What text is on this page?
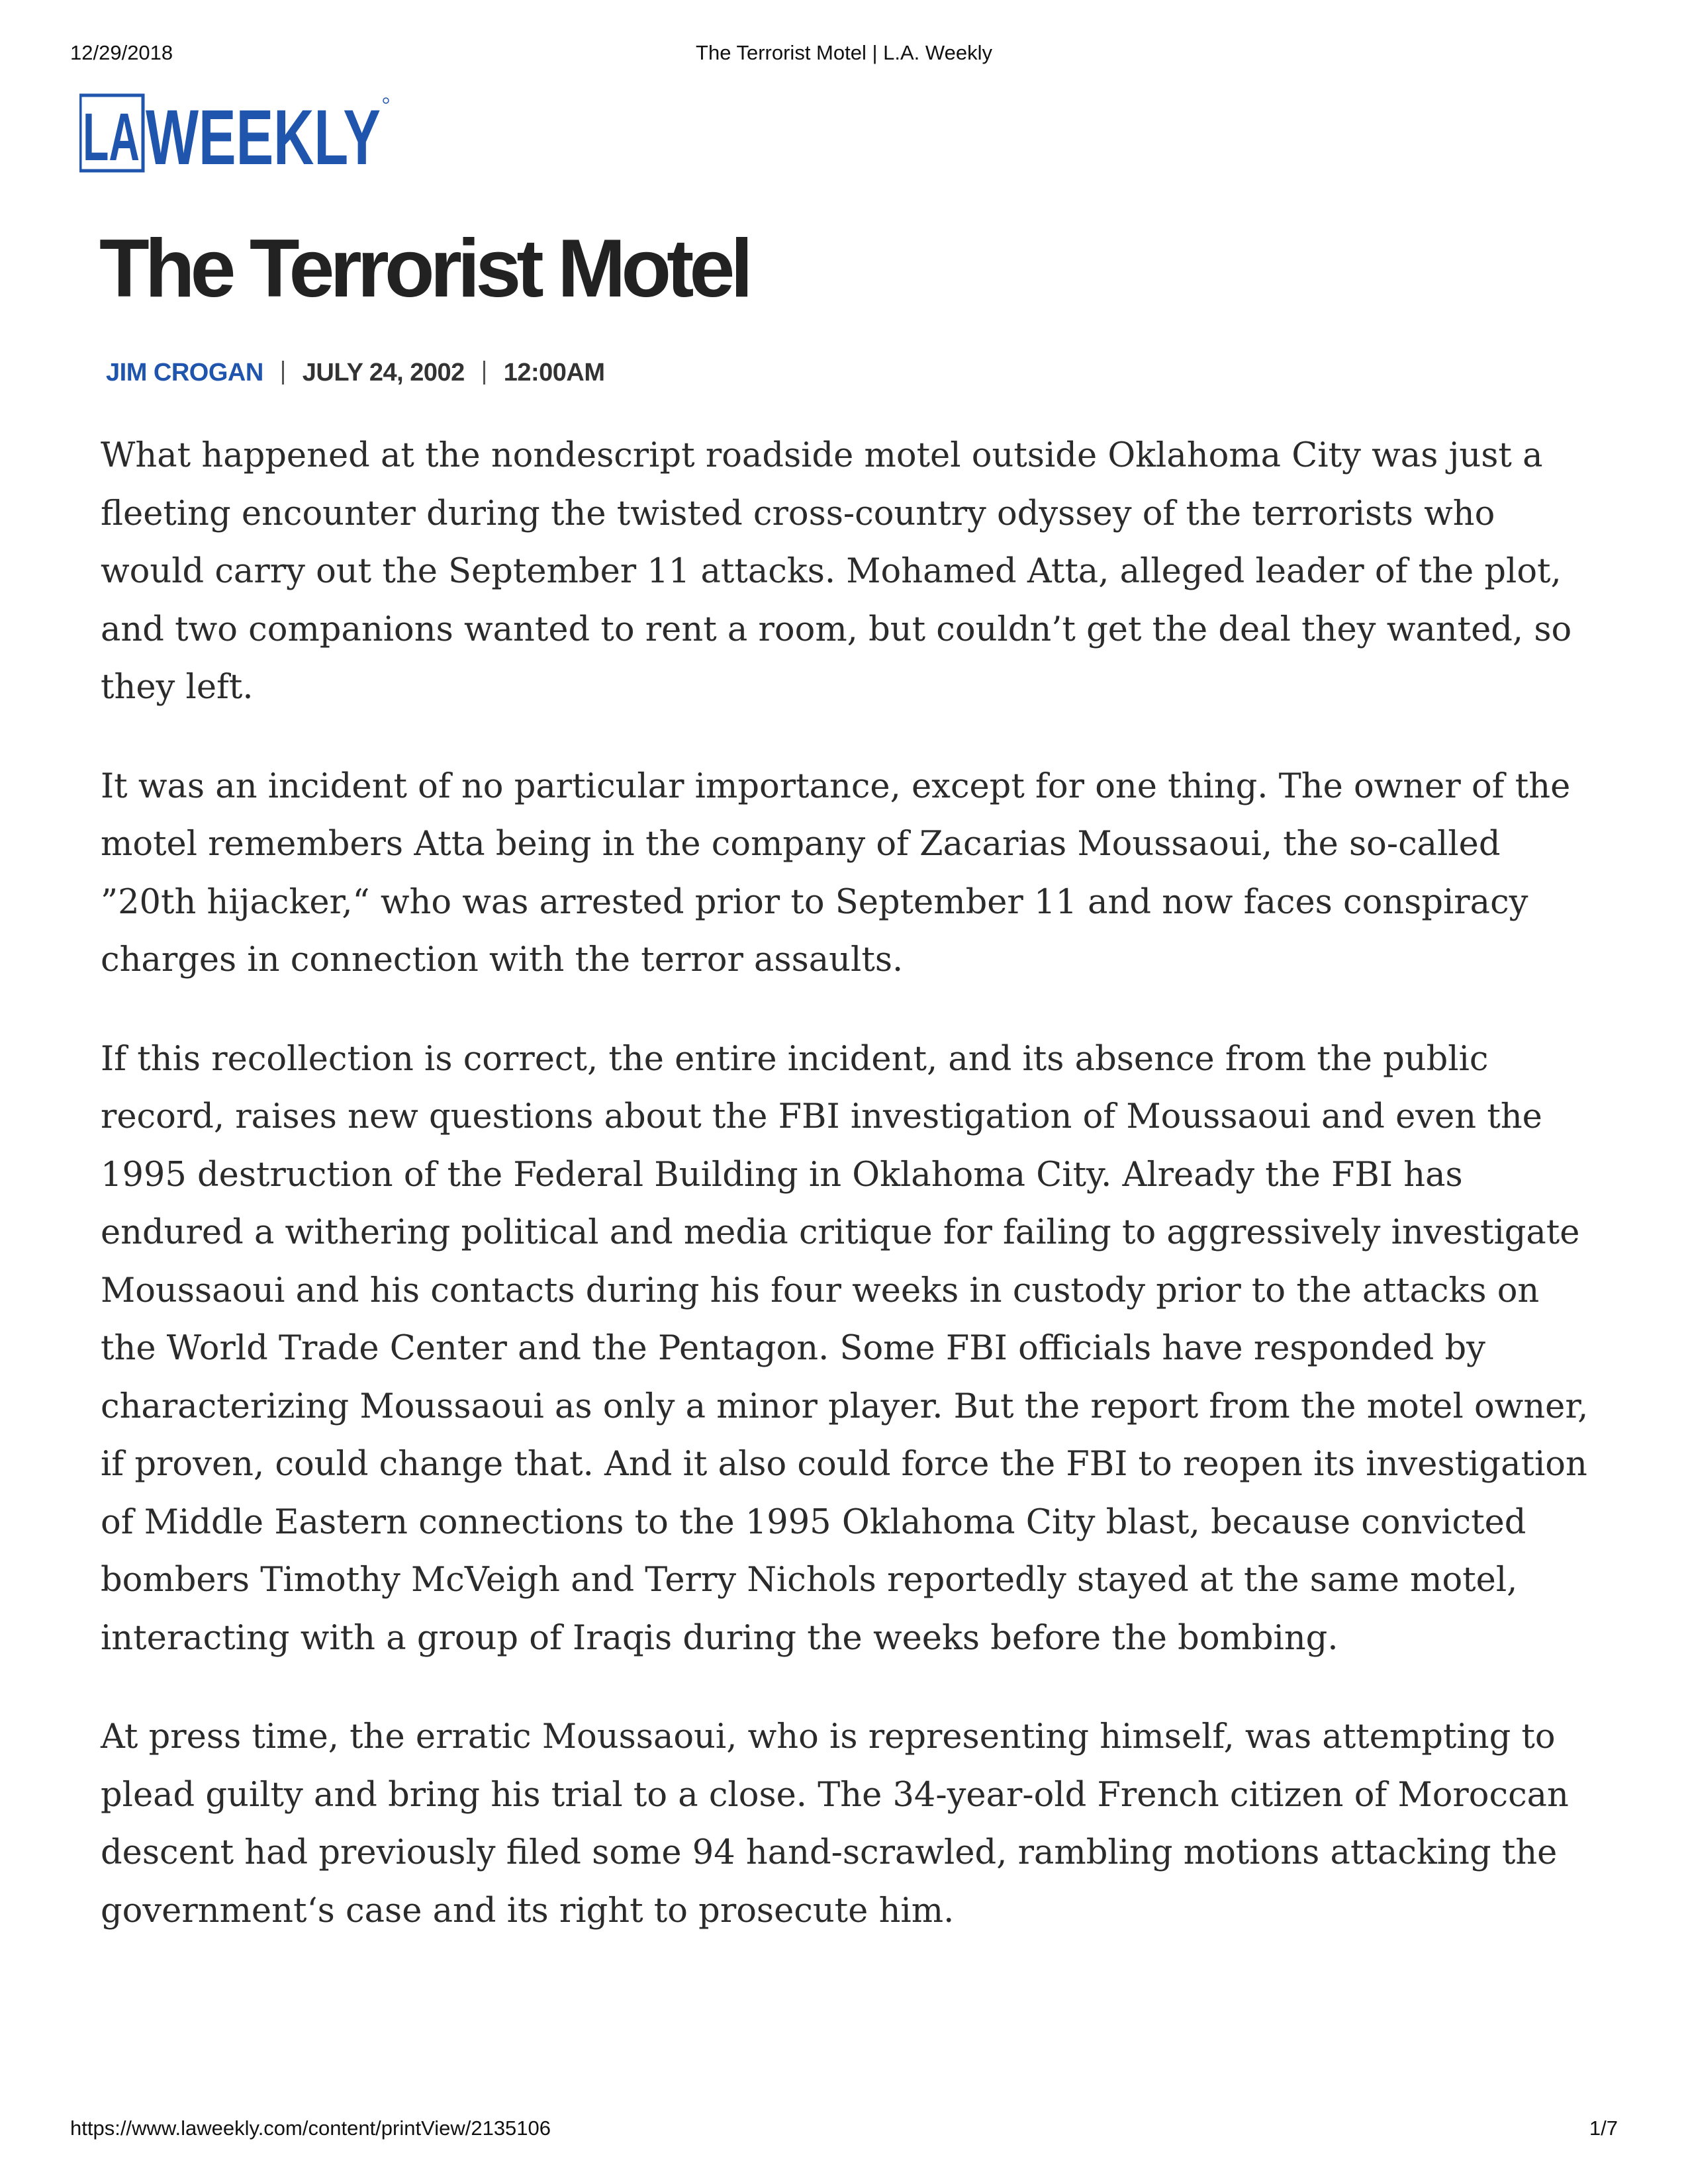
12/29/2018	The Terrorist Motel | L.A. Weekly
LA WEEKLY
The Terrorist Motel
JIM CROGAN JULY 24, 2002 12:00AM

What happened at the nondescript roadside motel outside Oklahoma City was just a fleeting encounter during the twisted cross-country odyssey of the terrorists who would carry out the September 11 attacks. Mohamed Atta, alleged leader of the plot, and two companions wanted to rent a room, but couldn’t get the deal they wanted, so they left.

It was an incident of no particular importance, except for one thing. The owner of the motel remembers Atta being in the company of Zacarias Moussaoui, the so-called ”20th hijacker,“ who was arrested prior to September 11 and now faces conspiracy charges in connection with the terror assaults.

If this recollection is correct, the entire incident, and its absence from the public record, raises new questions about the FBI investigation of Moussaoui and even the 1995 destruction of the Federal Building in Oklahoma City. Already the FBI has endured a withering political and media critique for failing to aggressively investigate Moussaoui and his contacts during his four weeks in custody prior to the attacks on the World Trade Center and the Pentagon. Some FBI officials have responded by characterizing Moussaoui as only a minor player. But the report from the motel owner, if proven, could change that. And it also could force the FBI to reopen its investigation of Middle Eastern connections to the 1995 Oklahoma City blast, because convicted bombers Timothy McVeigh and Terry Nichols reportedly stayed at the same motel, interacting with a group of Iraqis during the weeks before the bombing.

At press time, the erratic Moussaoui, who is representing himself, was attempting to plead guilty and bring his trial to a close. The 34-year-old French citizen of Moroccan descent had previously filed some 94 hand-scrawled, rambling motions attacking the government‘s case and its right to prosecute him.

https://www.laweekly.com/content/printView/2135106	1/7
